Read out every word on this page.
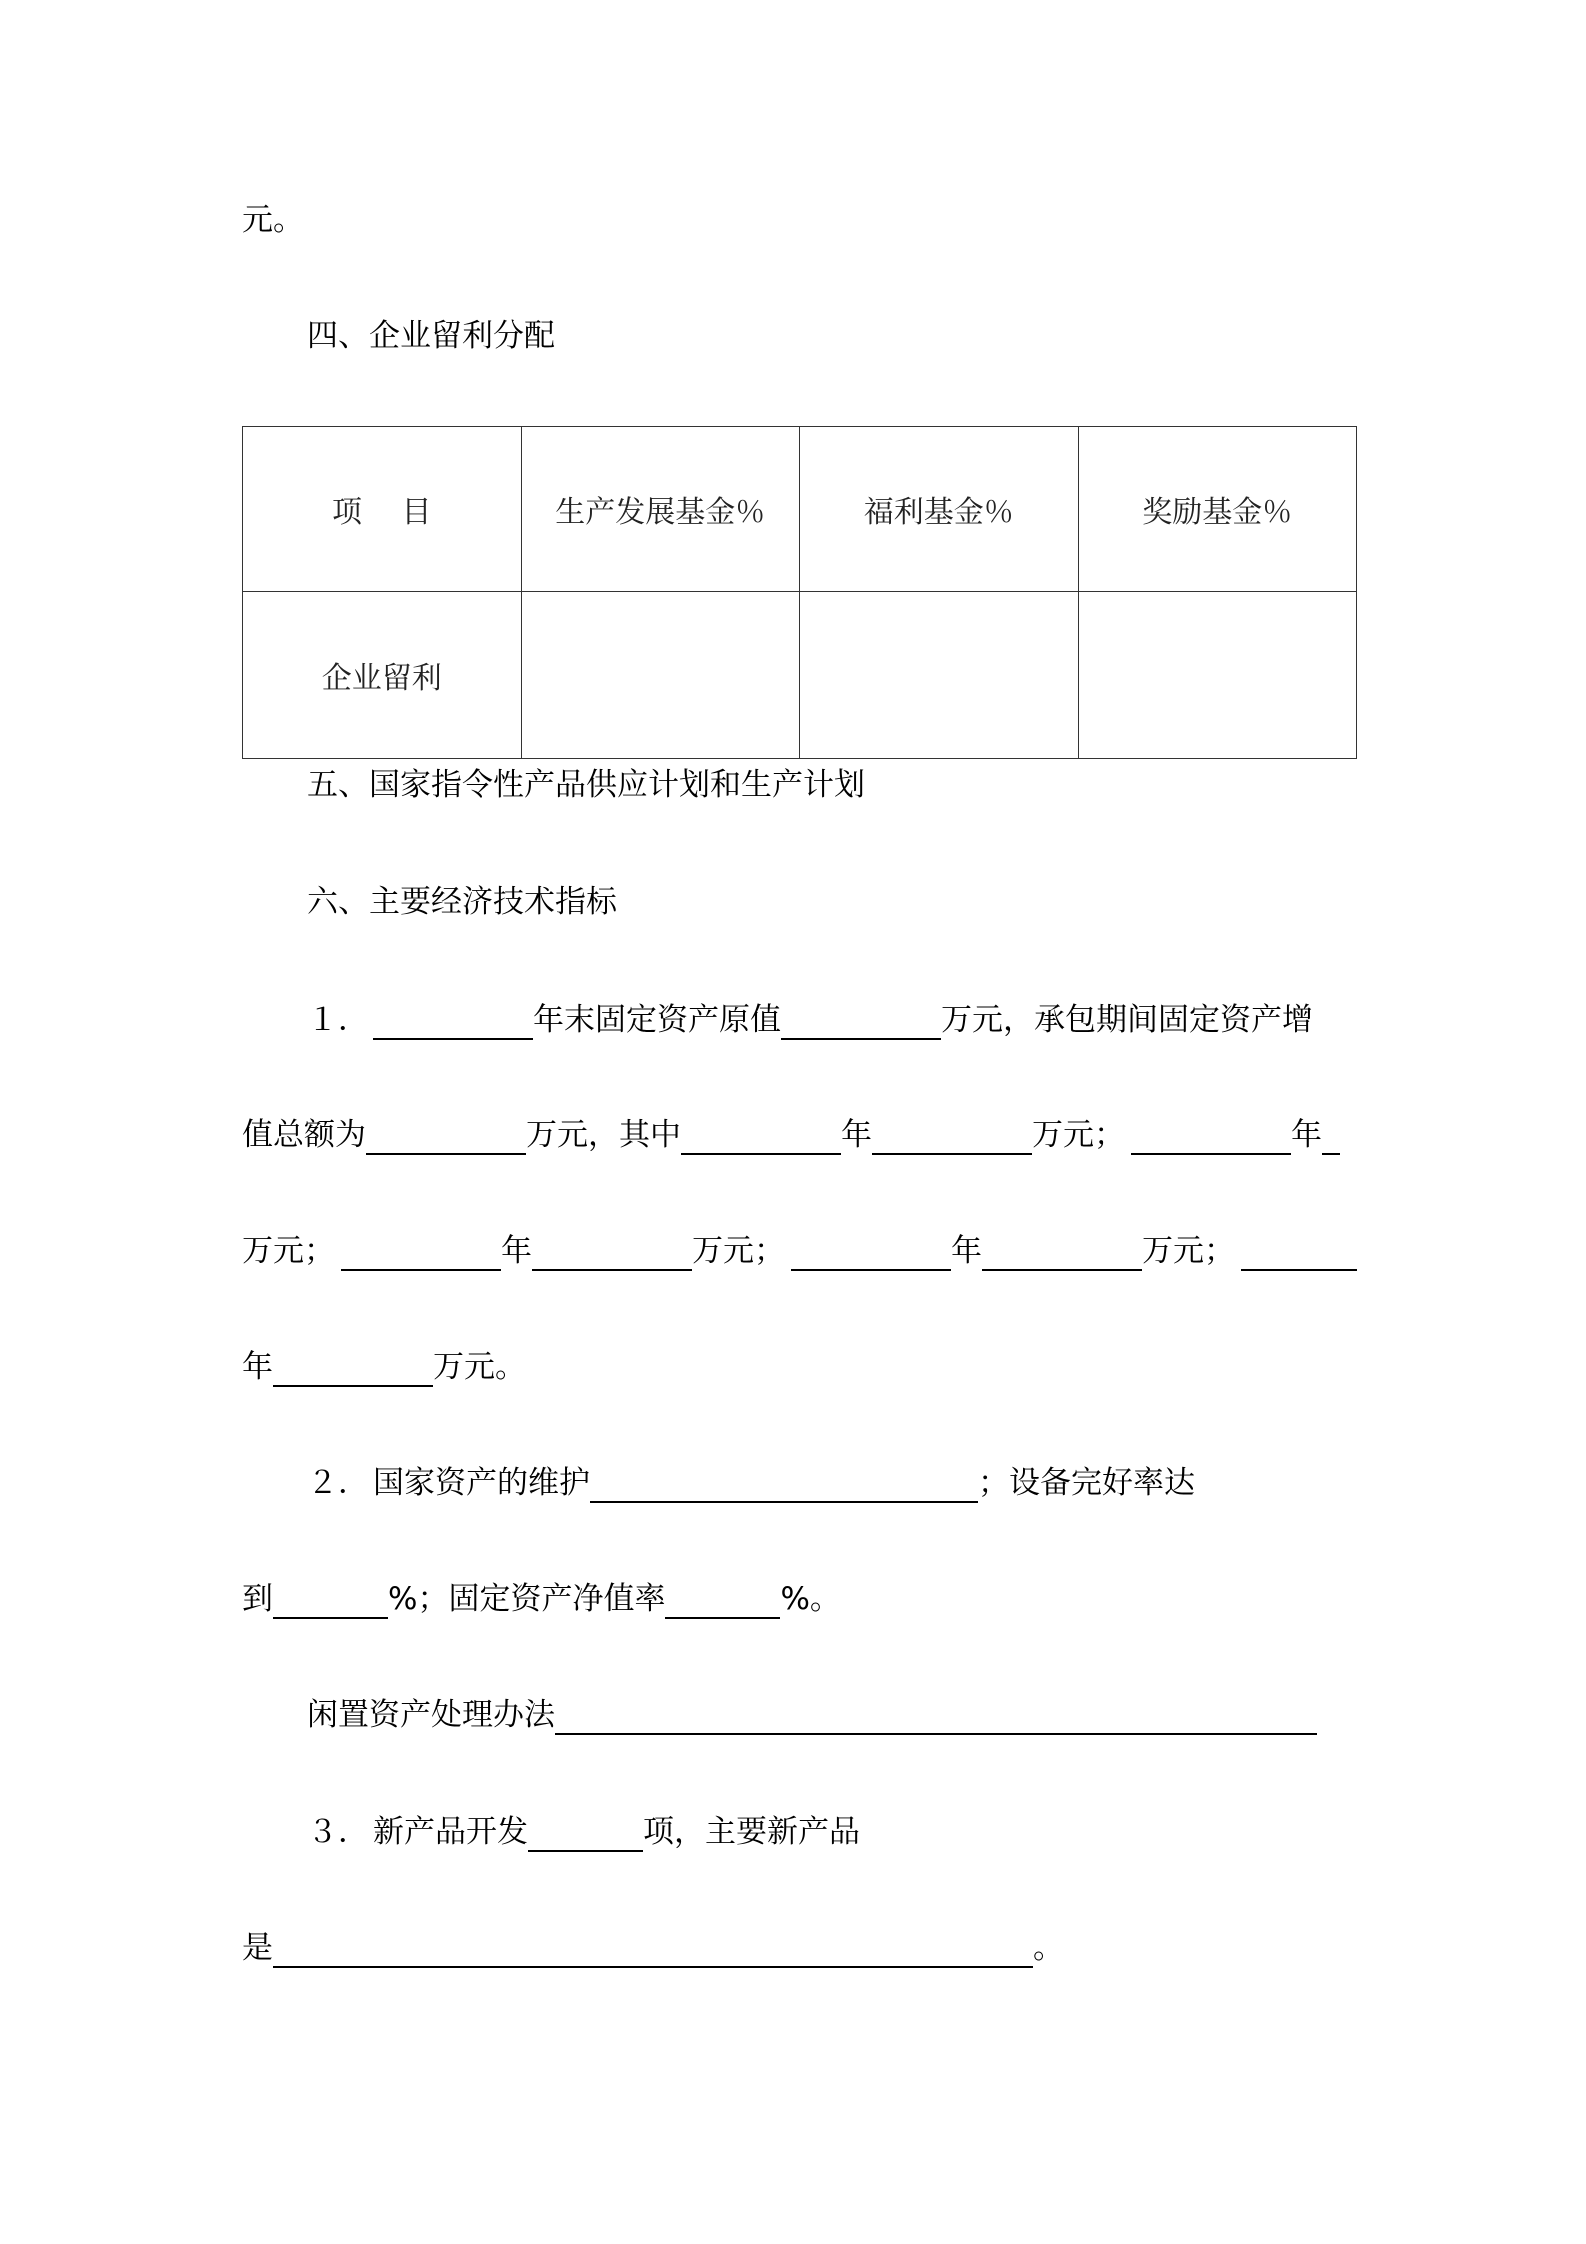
元。
四、企业留利分配
项　 目	生产发展基金％	福利基金％	奖励基金％
企业留利			
五、国家指令性产品供应计划和生产计划
六、主要经济技术指标
１．	年末固定资产原值	万元，承包期间固定资产增
值总额为	万元，其中	年	万元；	年
万元；	年	万元；	年	万元；
年	万元。
２． 国家资产的维护	；设备完好率达
到	%；固定资产净值率	%。
闲置资产处理办法
３． 新产品开发	项，主要新产品
是	。
